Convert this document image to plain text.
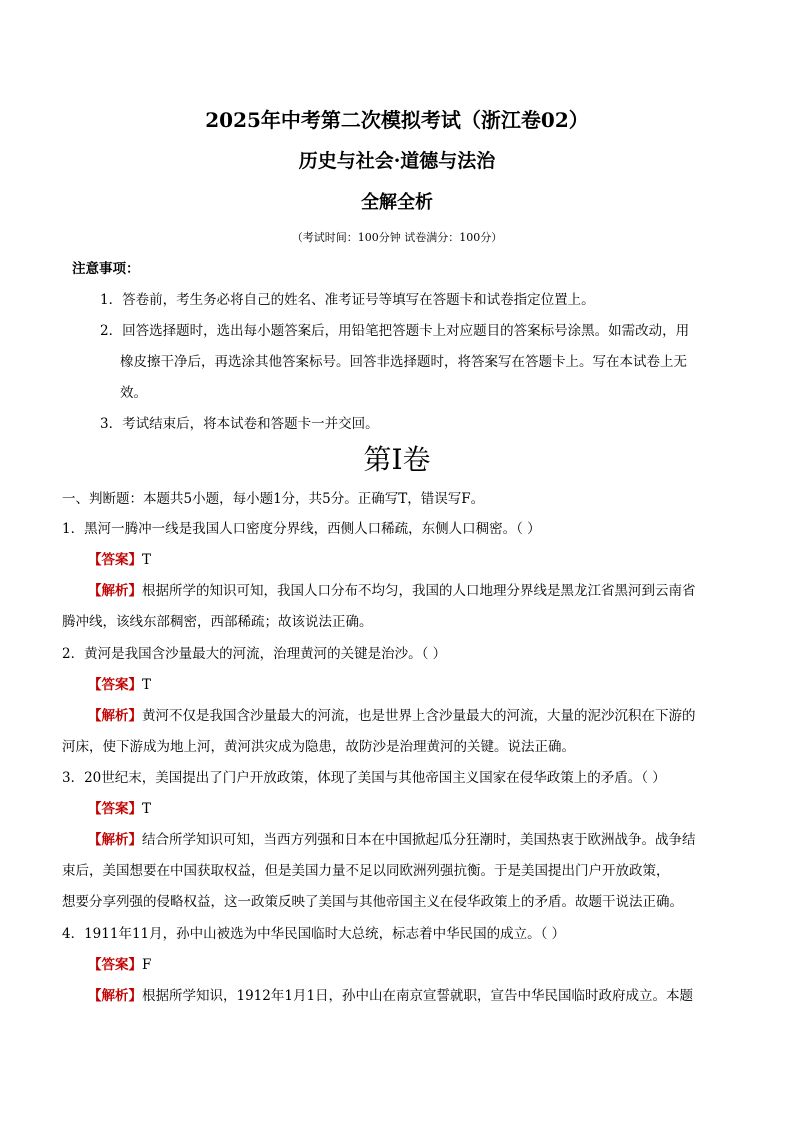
2025年中考第二次模拟考试（浙江卷02）
历史与社会·道德与法治
全解全析
（考试时间：100分钟 试卷满分：100分）
注意事项：
1．答卷前，考生务必将自己的姓名、准考证号等填写在答题卡和试卷指定位置上。
2．回答选择题时，选出每小题答案后，用铅笔把答题卡上对应题目的答案标号涂黑。如需改动，用
橡皮擦干净后，再选涂其他答案标号。回答非选择题时，将答案写在答题卡上。写在本试卷上无
效。
3．考试结束后，将本试卷和答题卡一并交回。
第Ⅰ卷
一、判断题：本题共5小题，每小题1分，共5分。正确写T，错误写F。
1．黑河一腾冲一线是我国人口密度分界线，西侧人口稀疏，东侧人口稠密。（ ）
【答案】T
【解析】根据所学的知识可知，我国人口分布不均匀，我国的人口地理分界线是黑龙江省黑河到云南省
腾冲线，该线东部稠密，西部稀疏；故该说法正确。
2．黄河是我国含沙量最大的河流，治理黄河的关键是治沙。（ ）
【答案】T
【解析】黄河不仅是我国含沙量最大的河流，也是世界上含沙量最大的河流，大量的泥沙沉积在下游的
河床，使下游成为地上河，黄河洪灾成为隐患，故防沙是治理黄河的关键。说法正确。
3．20世纪末，美国提出了门户开放政策，体现了美国与其他帝国主义国家在侵华政策上的矛盾。（ ）
【答案】T
【解析】结合所学知识可知，当西方列强和日本在中国掀起瓜分狂潮时，美国热衷于欧洲战争。战争结
束后，美国想要在中国获取权益，但是美国力量不足以同欧洲列强抗衡。于是美国提出门户开放政策，
想要分享列强的侵略权益，这一政策反映了美国与其他帝国主义在侵华政策上的矛盾。故题干说法正确。
4．1911年11月，孙中山被选为中华民国临时大总统，标志着中华民国的成立。（ ）
【答案】F
【解析】根据所学知识，1912年1月1日，孙中山在南京宣誓就职，宣告中华民国临时政府成立。本题
